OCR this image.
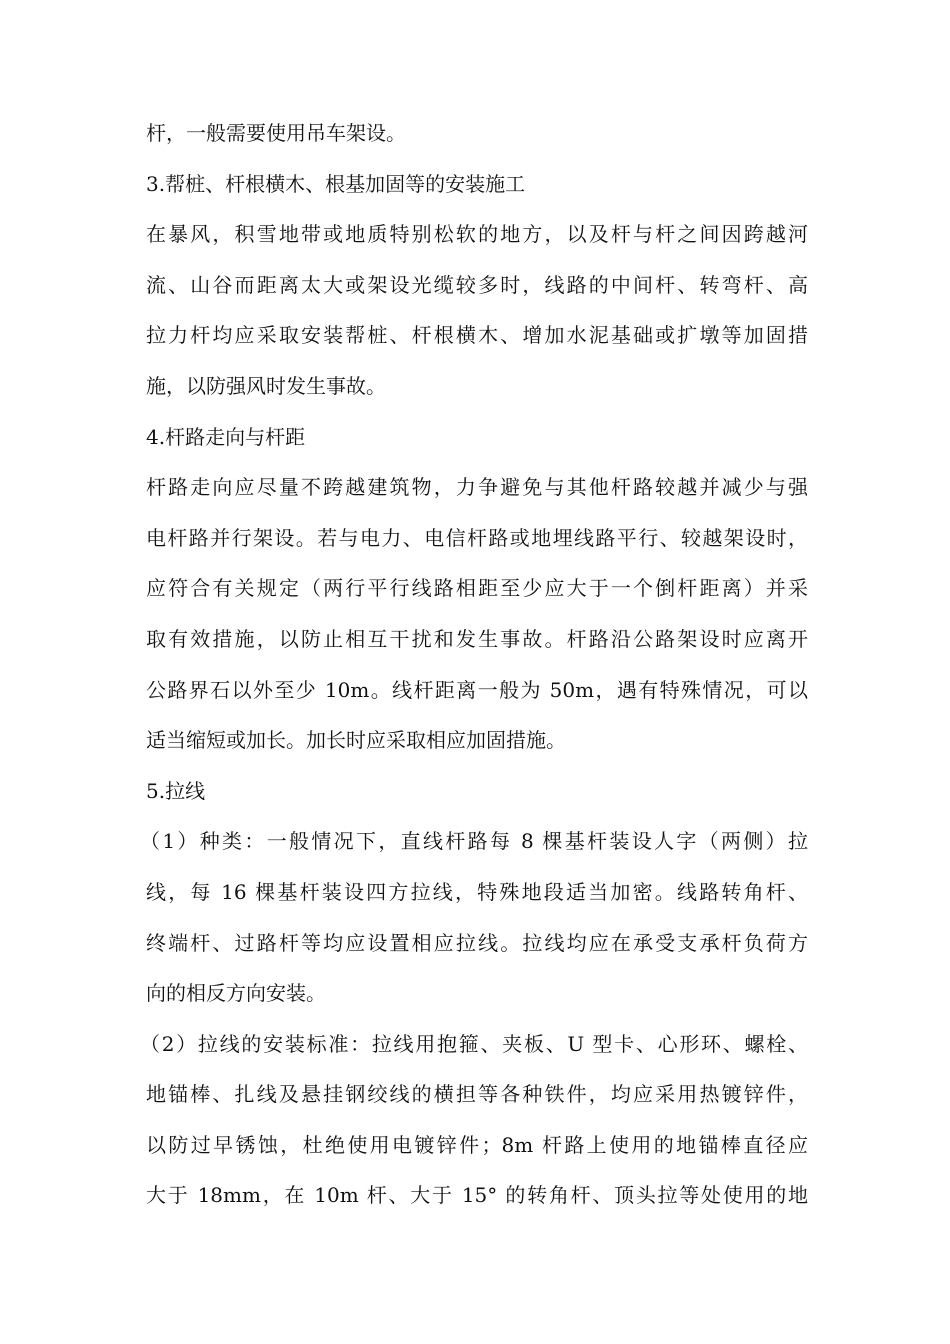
杆，一般需要使用吊车架设。
3.帮桩、杆根横木、根基加固等的安装施工
在暴风，积雪地带或地质特别松软的地方，以及杆与杆之间因跨越河
流、山谷而距离太大或架设光缆较多时，线路的中间杆、转弯杆、高
拉力杆均应采取安装帮桩、杆根横木、增加水泥基础或扩墩等加固措
施，以防强风时发生事故。
4.杆路走向与杆距
杆路走向应尽量不跨越建筑物，力争避免与其他杆路较越并减少与强
电杆路并行架设。若与电力、电信杆路或地埋线路平行、较越架设时，
应符合有关规定（两行平行线路相距至少应大于一个倒杆距离）并采
取有效措施，以防止相互干扰和发生事故。杆路沿公路架设时应离开
公路界石以外至少 10m。线杆距离一般为 50m，遇有特殊情况，可以
适当缩短或加长。加长时应采取相应加固措施。
5.拉线
（1）种类：一般情况下，直线杆路每 8 棵基杆装设人字（两侧）拉
线，每 16 棵基杆装设四方拉线，特殊地段适当加密。线路转角杆、
终端杆、过路杆等均应设置相应拉线。拉线均应在承受支承杆负荷方
向的相反方向安装。
（2）拉线的安装标准：拉线用抱箍、夹板、U 型卡、心形环、螺栓、
地锚棒、扎线及悬挂钢绞线的横担等各种铁件，均应采用热镀锌件，
以防过早锈蚀，杜绝使用电镀锌件；8m 杆路上使用的地锚棒直径应
大于 18mm，在 10m 杆、大于 15° 的转角杆、顶头拉等处使用的地
